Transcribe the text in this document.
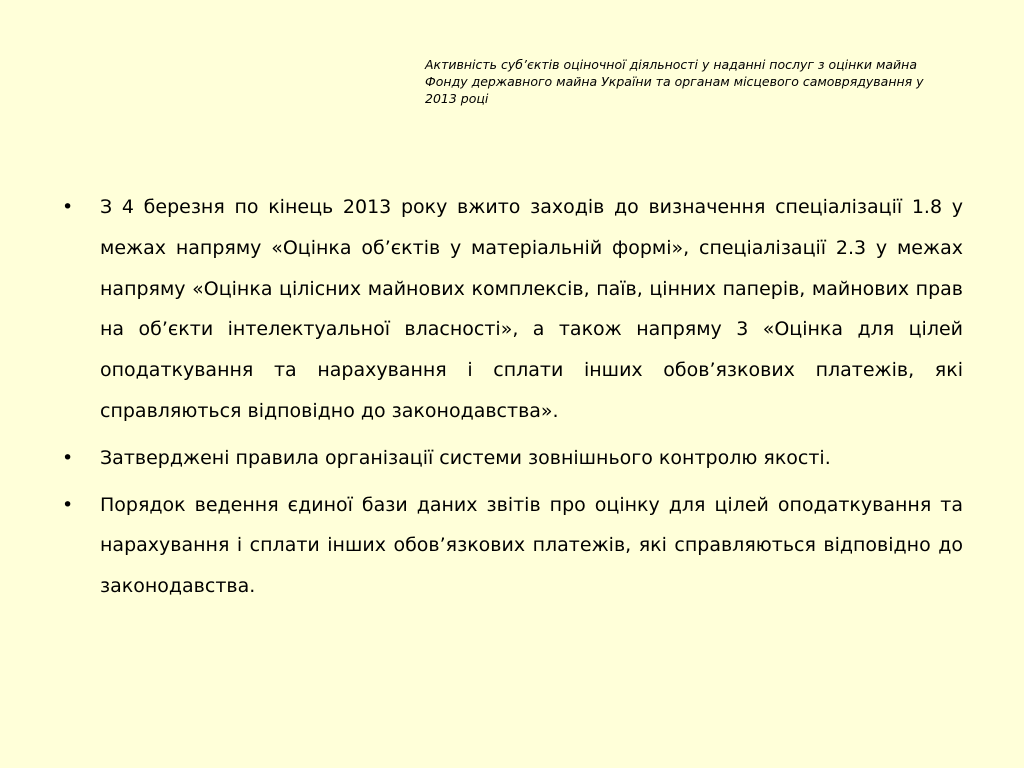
Активність суб’єктів оціночної діяльності у наданні послуг з оцінки майна Фонду державного майна України та органам місцевого самоврядування у 2013 році
•	З 4 березня по кінець 2013 року вжито заходів до визначення спеціалізації 1.8 у межах напряму «Оцінка об’єктів у матеріальній формі», спеціалізації 2.3 у межах напряму «Оцінка цілісних майнових комплексів, паїв, цінних паперів, майнових прав на об’єкти інтелектуальної власності», а також напряму 3 «Оцінка для цілей оподаткування та нарахування і сплати інших обов’язкових платежів, які справляються відповідно до законодавства».
•	Затверджені правила організації системи зовнішнього контролю якості.
•	Порядок ведення єдиної бази даних звітів про оцінку для цілей оподаткування та нарахування і сплати інших обов’язкових платежів, які справляються відповідно до законодавства.
